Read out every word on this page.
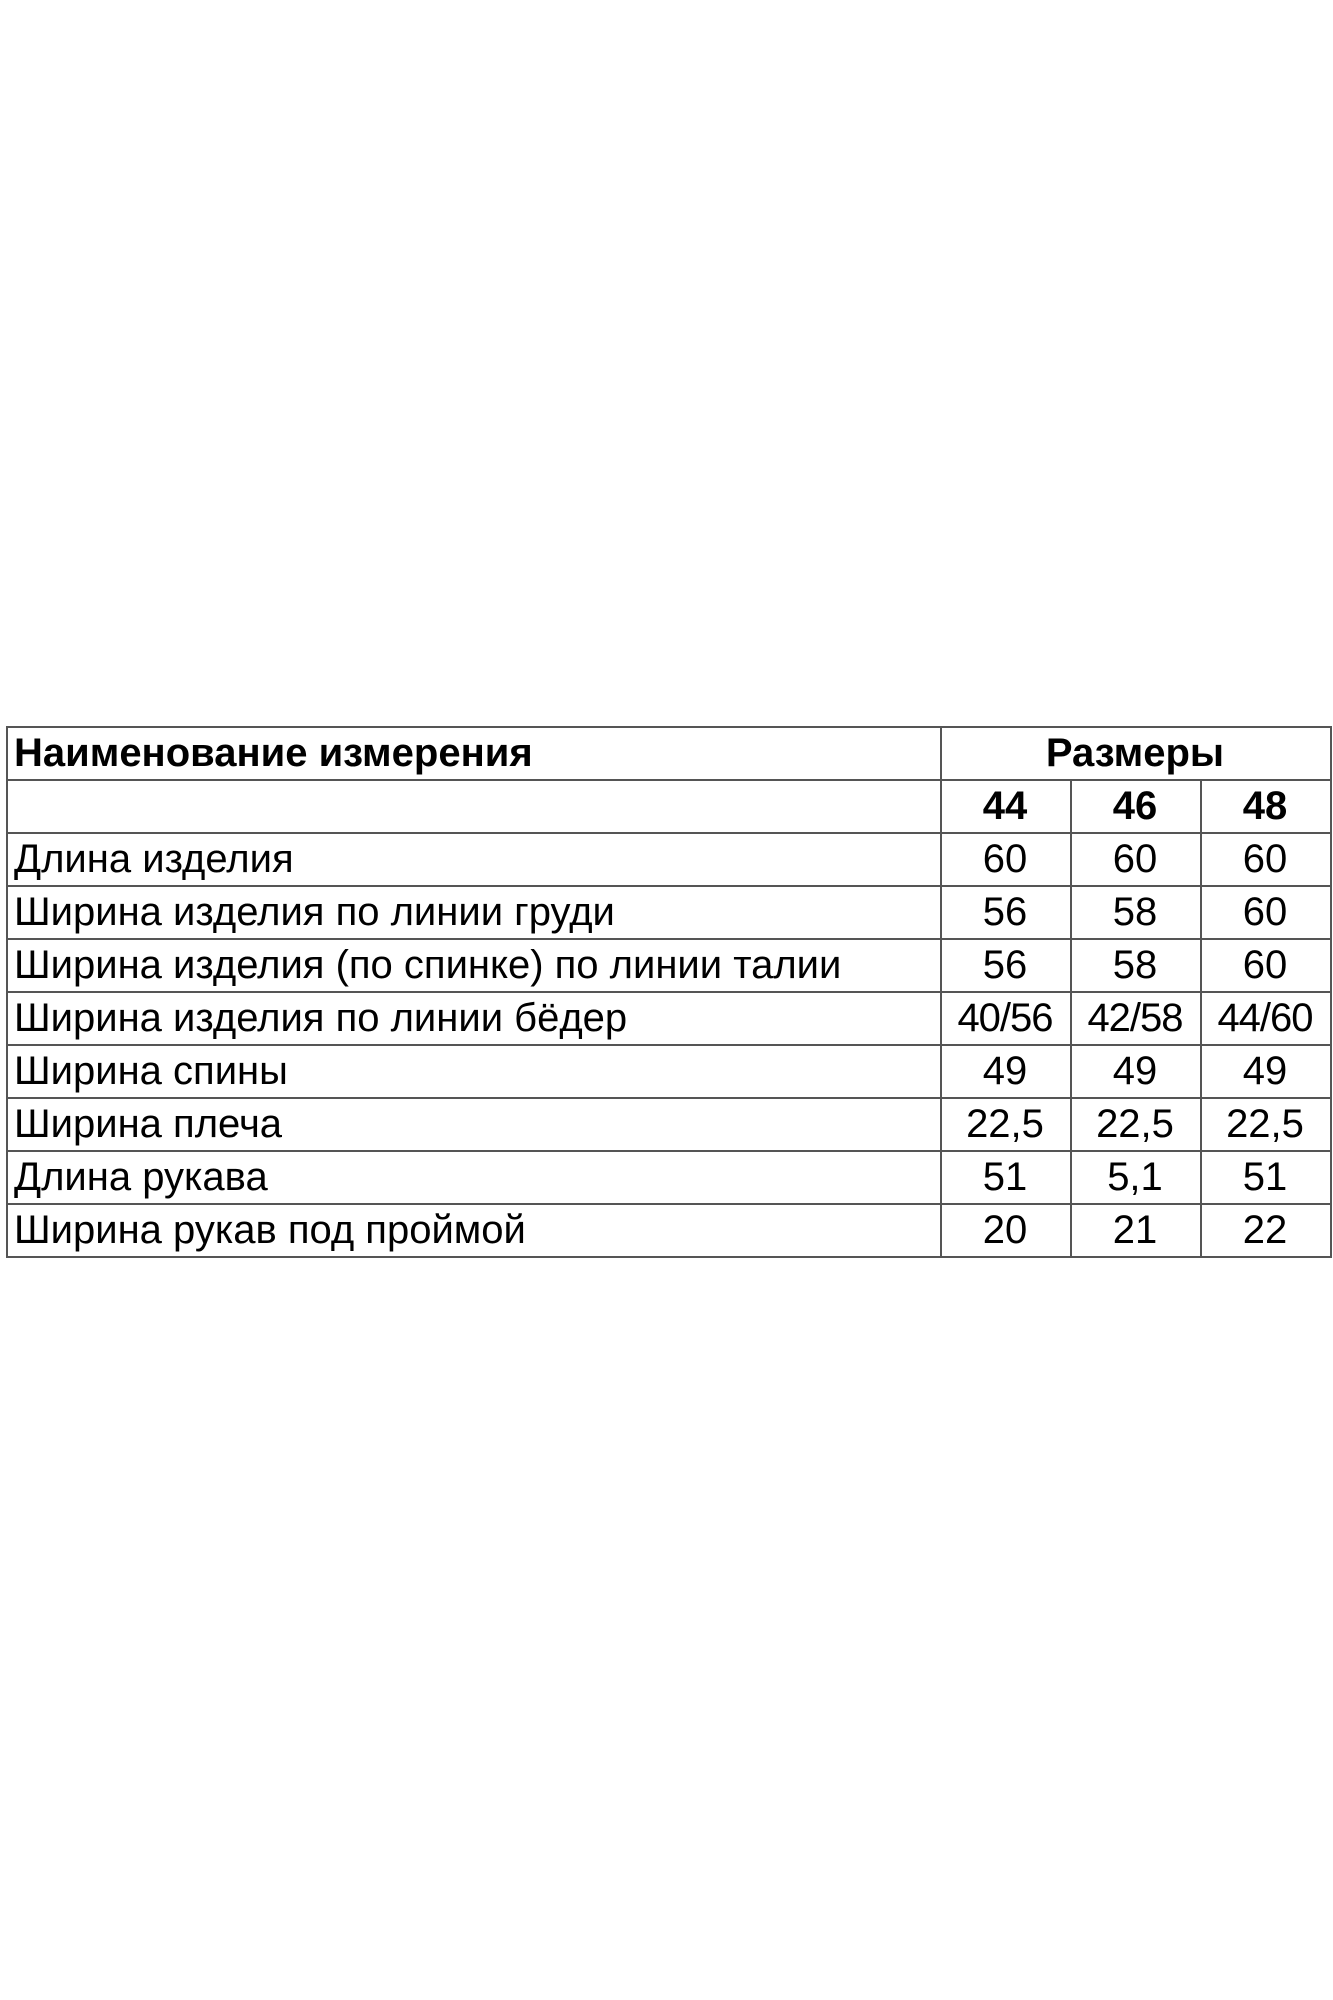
Наименование измерения	Размеры		
	44	46	48
Длина изделия	60	60	60
Ширина изделия по линии груди	56	58	60
Ширина изделия (по спинке) по линии талии	56	58	60
Ширина изделия по линии бёдер	40/56	42/58	44/60
Ширина спины	49	49	49
Ширина плеча	22,5	22,5	22,5
Длина рукава	51	5,1	51
Ширина рукав под проймой	20	21	22
